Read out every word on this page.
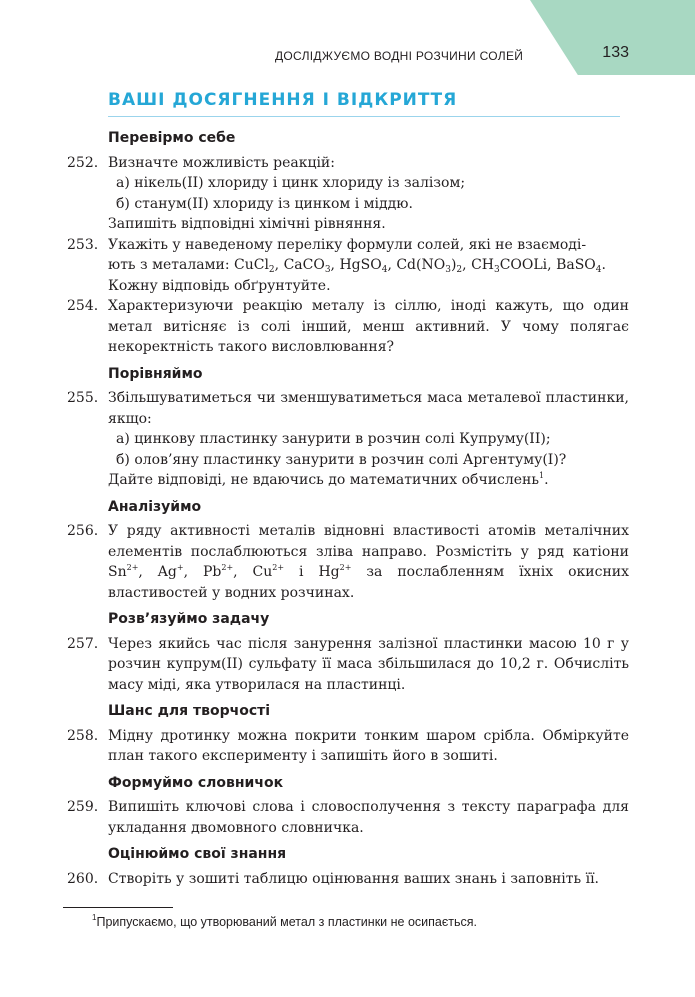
133
ДОСЛІДЖУЄМО ВОДНІ РОЗЧИНИ СОЛЕЙ
ВАШІ ДОСЯГНЕННЯ І ВІДКРИТТЯ
Перевірмо себе
252. Визначте можливість реакцій:
а) нікель(ІІ) хлориду і цинк хлориду із залізом;
б) станум(ІІ) хлориду із цинком і міддю.
Запишіть відповідні хімічні рівняння.
253. Укажіть у наведеному переліку формули солей, які не взаємоді-
ють з металами: CuCl$_2$, CaCO$_3$, HgSO$_4$, $Cd(NO_3)_2$, $CH_3COOLi$, BaSO$_4$.
Кожну відповідь обґрунтуйте.
254. Характеризуючи реакцію металу із сіллю, іноді кажуть, що один метал витісняє із солі інший, менш активний. У чому полягає некоректність такого висловлювання?
Порівняймо
255. Збільшуватиметься чи зменшуватиметься маса металевої пластинки, якщо:
а) цинкову пластинку занурити в розчин солі Купруму(ІІ);
б) олов’яну пластинку занурити в розчин солі Аргентуму(І)?
Дайте відповіді, не вдаючись до математичних обчислень$^1$.
Аналізуймо
256. У ряду активності металів відновні властивості атомів металічних елементів послаблюються зліва направо. Розмістіть у ряд катіони $Sn^{2+}$, Ag+, $Pb^{2+}$, $Cu^{2+}$ і $Hg^{2+}$ за послабленням їхніх окисних властивостей у водних розчинах.
Розв’язуймо задачу
257. Через якийсь час після занурення залізної пластинки масою 10 г у розчин купрум(ІІ) сульфату її маса збільшилася до 10,2 г. Обчисліть масу міді, яка утворилася на пластинці.
Шанс для творчості
258. Мідну дротинку можна покрити тонким шаром срібла. Обміркуйте план такого експерименту і запишіть його в зошиті.
Формуймо словничок
259. Випишіть ключові слова і словосполучення з тексту параграфа для укладання двомовного словничка.
Оцінюймо свої знання
260. Створіть у зошиті таблицю оцінювання ваших знань і заповніть її.
$^1$Припускаємо, що утворюваний метал з пластинки не осипається.
